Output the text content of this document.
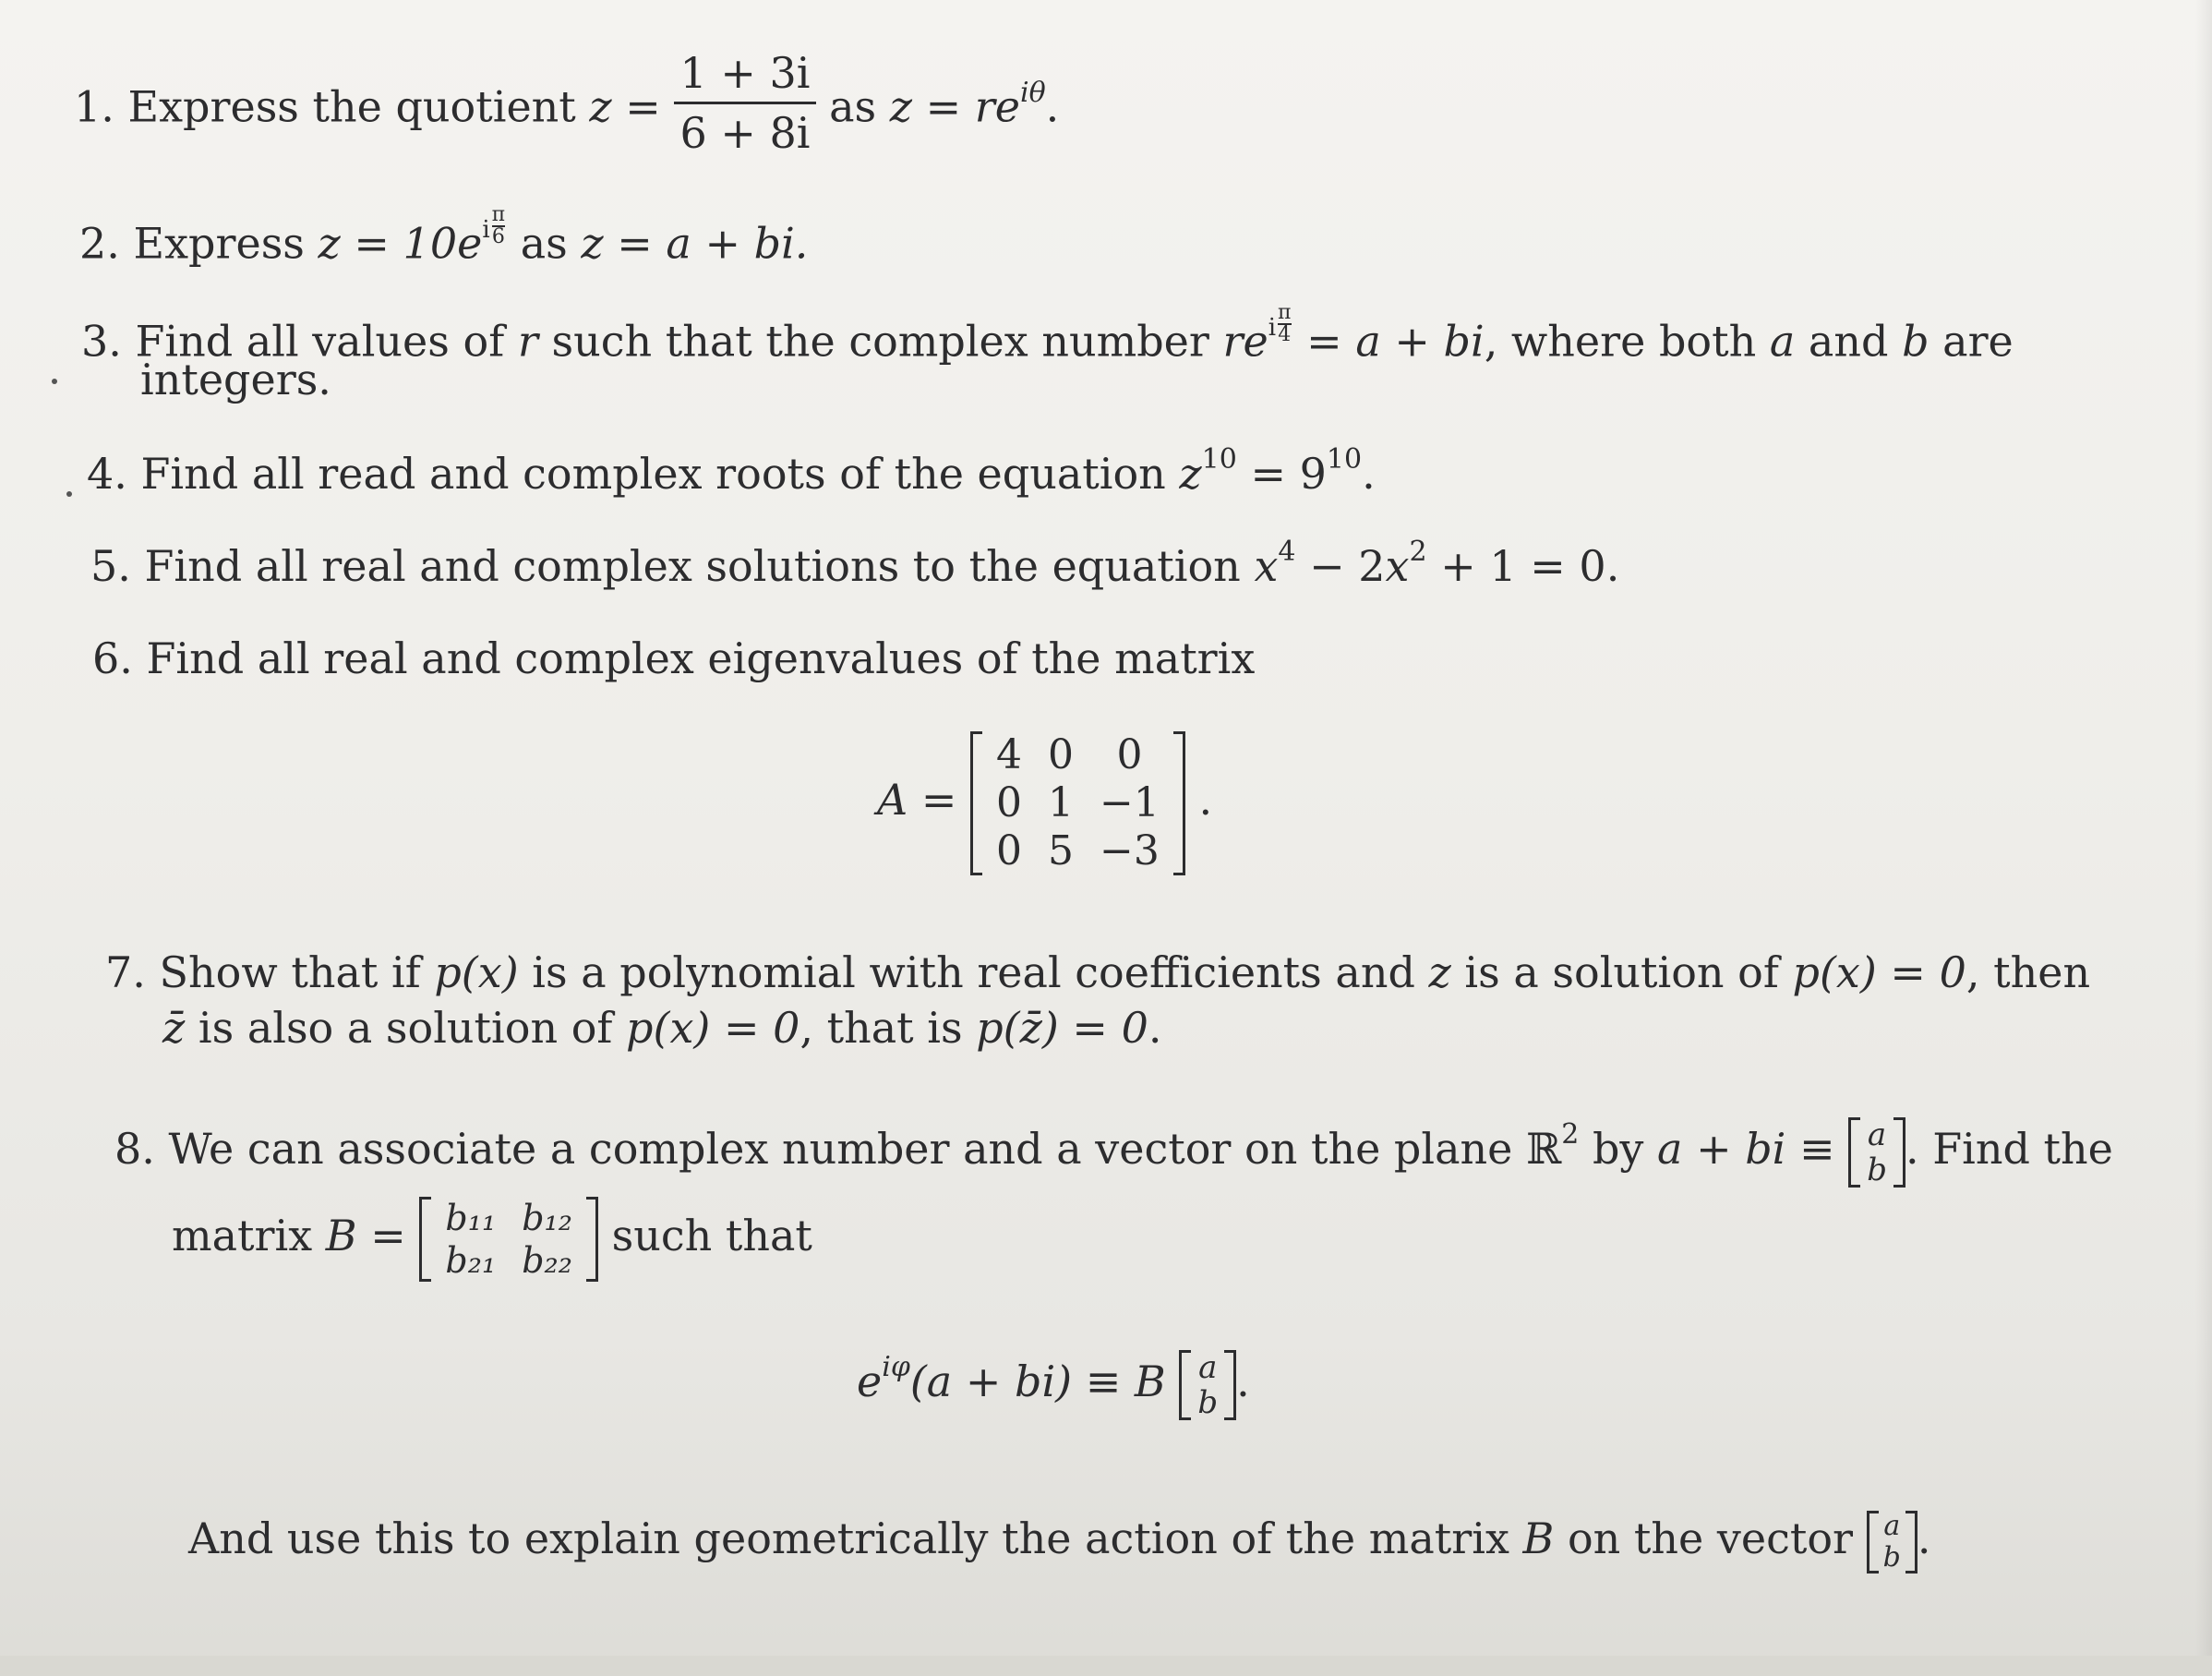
1. Express the quotient $z = \frac{1 + 3i}{6 + 8i}$ as $z = re^{i\theta}$.
2. Express $z = 10e^i \frac{\pi}{6}$ as z = a + bi.
3. Find all values of r such that the complex number $re^i \frac{\pi}{4} = a$ + bi, where both a and b are
integers.
4. Find all read and complex roots of the equation $z^{10} = 9^{10}$.
5. Find all real and complex solutions to the equation $x^4 - 2x^2 + 1 = 0$.
6. Find all real and complex eigenvalues of the matrix
A =
4	0	0
0	1	−1
0	5	−3
.
7. Show that if p(x) is a polynomial with real coefficients and z is a solution of p(x) = 0, then
z̄ is also a solution of p(x) = 0, that is p(z̄) = 0.
8. We can associate a complex number and a vector on the plane ℝ$^2$ by a + bi ≡ a
b . Find the
matrix B = b₁₁	b₁₂
b₂₁	b₂₂ such that
$e^{i\varphi}(a + bi) \equiv B$ a
b .
And use this to explain geometrically the action of the matrix B on the vector a
b .
